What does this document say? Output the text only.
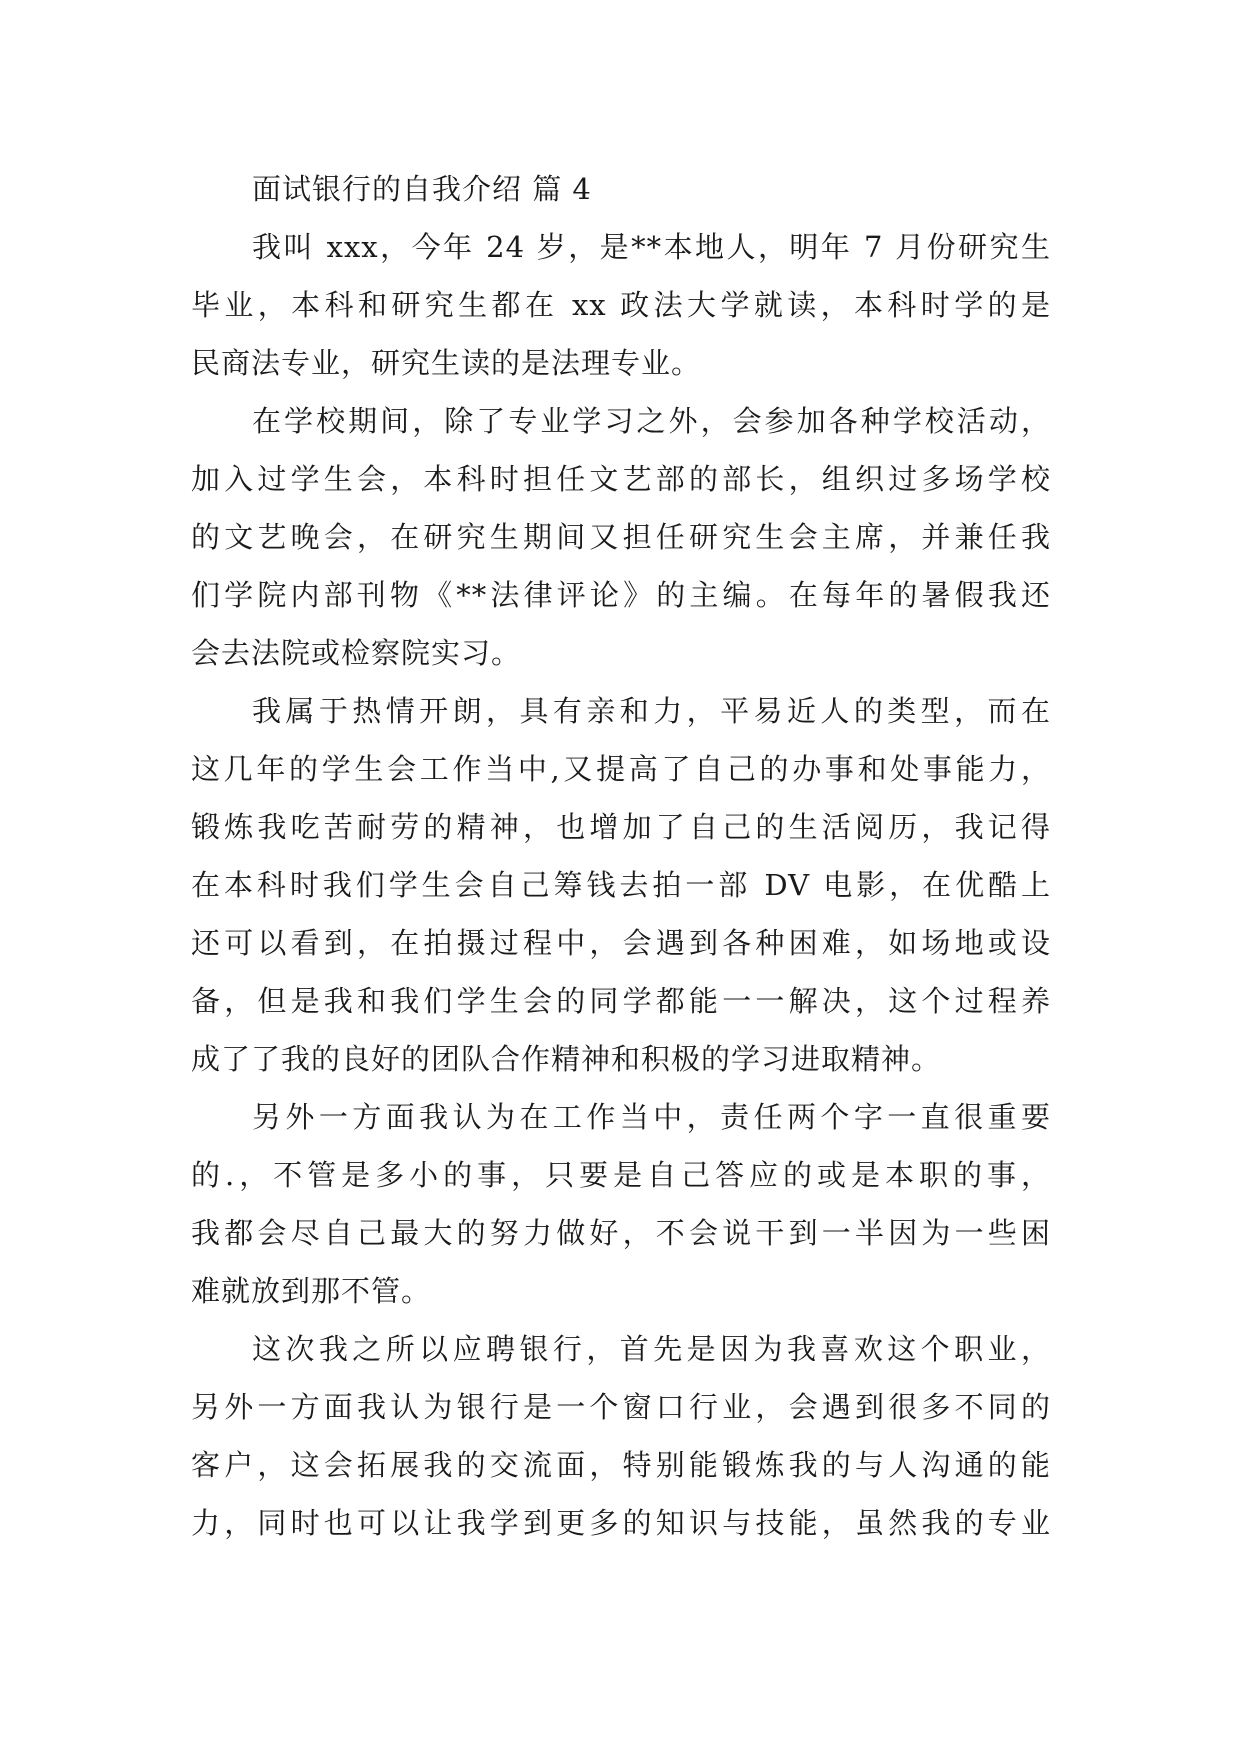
面试银行的自我介绍 篇 4
我叫 xxx，今年 24 岁，是**本地人，明年 7 月份研究生
毕业，本科和研究生都在 xx 政法大学就读，本科时学的是
民商法专业，研究生读的是法理专业。
在学校期间，除了专业学习之外，会参加各种学校活动，
加入过学生会，本科时担任文艺部的部长，组织过多场学校
的文艺晚会，在研究生期间又担任研究生会主席，并兼任我
们学院内部刊物《**法律评论》的主编。在每年的暑假我还
会去法院或检察院实习。
我属于热情开朗，具有亲和力，平易近人的类型，而在
这几年的学生会工作当中,又提高了自己的办事和处事能力，
锻炼我吃苦耐劳的精神，也增加了自己的生活阅历，我记得
在本科时我们学生会自己筹钱去拍一部 DV 电影，在优酷上
还可以看到，在拍摄过程中，会遇到各种困难，如场地或设
备，但是我和我们学生会的同学都能一一解决，这个过程养
成了了我的良好的团队合作精神和积极的学习进取精神。
另外一方面我认为在工作当中，责任两个字一直很重要
的.，不管是多小的事，只要是自己答应的或是本职的事，
我都会尽自己最大的努力做好，不会说干到一半因为一些困
难就放到那不管。
这次我之所以应聘银行，首先是因为我喜欢这个职业，
另外一方面我认为银行是一个窗口行业，会遇到很多不同的
客户，这会拓展我的交流面，特别能锻炼我的与人沟通的能
力，同时也可以让我学到更多的知识与技能，虽然我的专业
